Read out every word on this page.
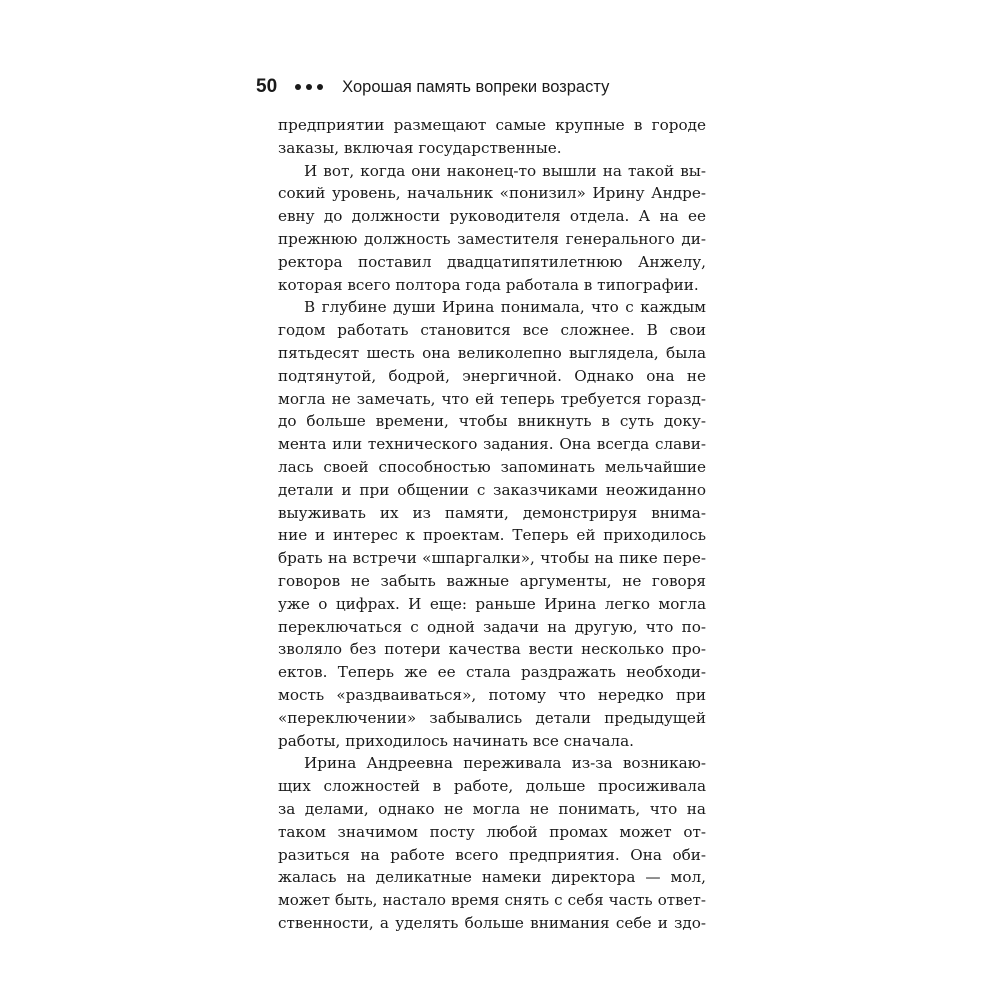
50	Хорошая память вопреки возрасту
предприятии размещают самые крупные в городе
заказы, включая государственные.
И вот, когда они наконец-то вышли на такой вы-
сокий уровень, начальник «понизил» Ирину Андре-
евну до должности руководителя отдела. А на ее
прежнюю должность заместителя генерального ди-
ректора поставил двадцатипятилетнюю Анжелу,
которая всего полтора года работала в типографии.
В глубине души Ирина понимала, что с каждым
годом работать становится все сложнее. В свои
пятьдесят шесть она великолепно выглядела, была
подтянутой, бодрой, энергичной. Однако она не
могла не замечать, что ей теперь требуется горазд-
до больше времени, чтобы вникнуть в суть доку-
мента или технического задания. Она всегда слави-
лась своей способностью запоминать мельчайшие
детали и при общении с заказчиками неожиданно
выуживать их из памяти, демонстрируя внима-
ние и интерес к проектам. Теперь ей приходилось
брать на встречи «шпаргалки», чтобы на пике пере-
говоров не забыть важные аргументы, не говоря
уже о цифрах. И еще: раньше Ирина легко могла
переключаться с одной задачи на другую, что по-
зволяло без потери качества вести несколько про-
ектов. Теперь же ее стала раздражать необходи-
мость «раздваиваться», потому что нередко при
«переключении» забывались детали предыдущей
работы, приходилось начинать все сначала.
Ирина Андреевна переживала из-за возникаю-
щих сложностей в работе, дольше просиживала
за делами, однако не могла не понимать, что на
таком значимом посту любой промах может от-
разиться на работе всего предприятия. Она оби-
жалась на деликатные намеки директора — мол,
может быть, настало время снять с себя часть ответ-
ственности, а уделять больше внимания себе и здо-
